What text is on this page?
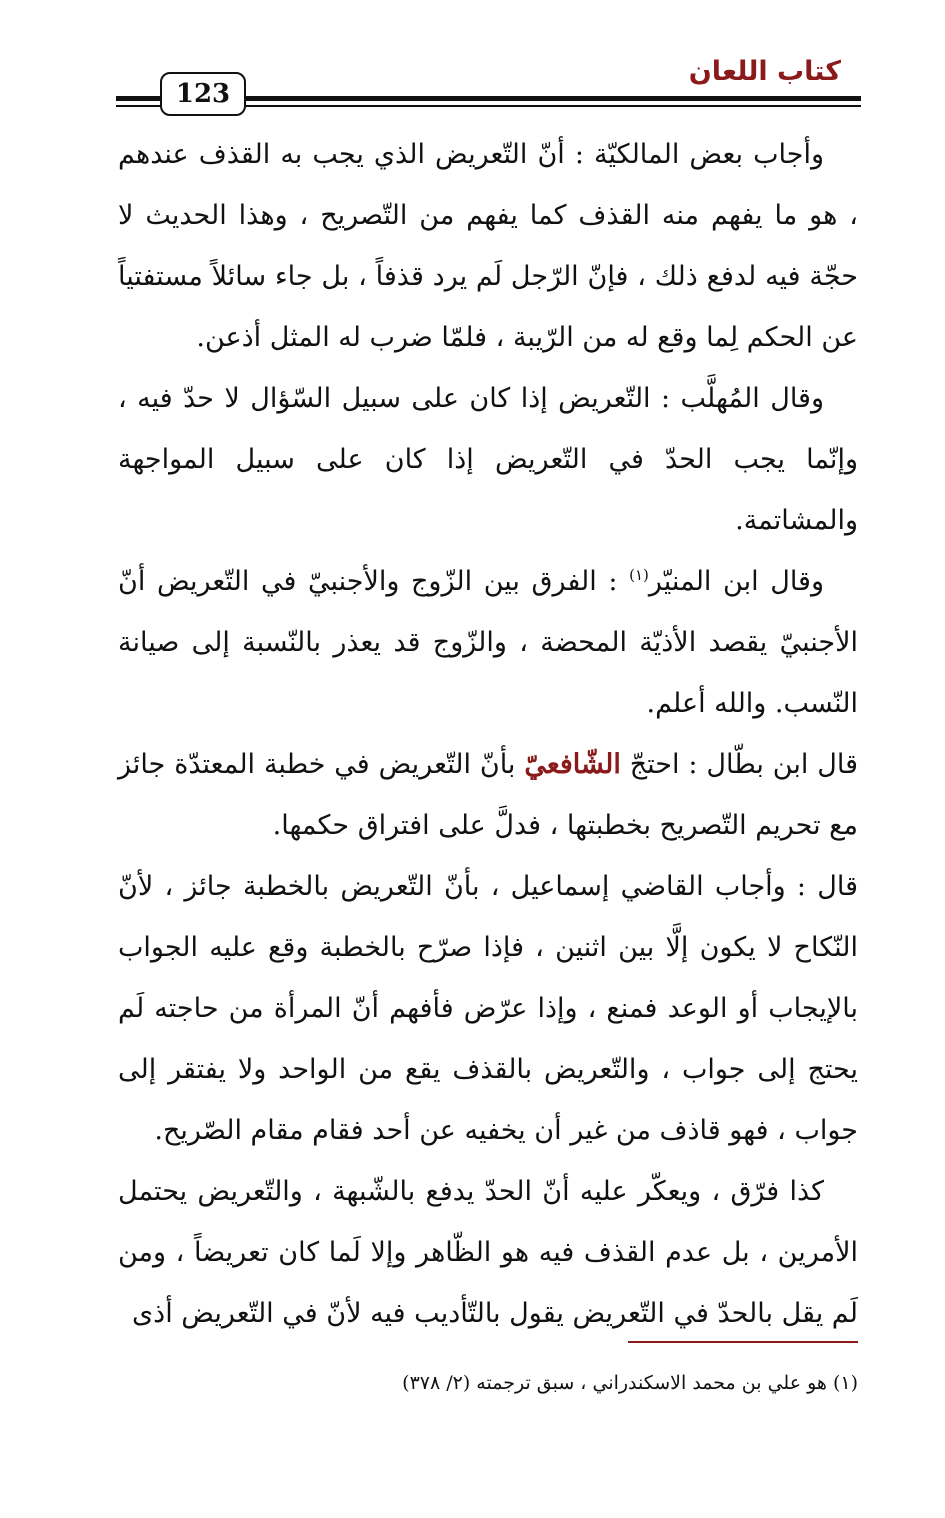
كتاب اللعان
123

وأجاب بعض المالكيّة : أنّ التّعريض الذي يجب به القذف عندهم ، هو ما يفهم منه القذف كما يفهم من التّصريح ، وهذا الحديث لا حجّة فيه لدفع ذلك ، فإنّ الرّجل لَم يرد قذفاً ، بل جاء سائلاً مستفتياً عن الحكم لِما وقع له من الرّيبة ، فلمّا ضرب له المثل أذعن.

وقال المُهلَّب : التّعريض إذا كان على سبيل السّؤال لا حدّ فيه ، وإنّما يجب الحدّ في التّعريض إذا كان على سبيل المواجهة والمشاتمة.

وقال ابن المنيّر$^{(١)}$ : الفرق بين الزّوج والأجنبيّ في التّعريض أنّ الأجنبيّ يقصد الأذيّة المحضة ، والزّوج قد يعذر بالنّسبة إلى صيانة النّسب. والله أعلم.

قال ابن بطّال : احتجّ الشّافعيّ بأنّ التّعريض في خطبة المعتدّة جائز مع تحريم التّصريح بخطبتها ، فدلَّ على افتراق حكمها.

قال : وأجاب القاضي إسماعيل ، بأنّ التّعريض بالخطبة جائز ، لأنّ النّكاح لا يكون إلَّا بين اثنين ، فإذا صرّح بالخطبة وقع عليه الجواب بالإيجاب أو الوعد فمنع ، وإذا عرّض فأفهم أنّ المرأة من حاجته لَم يحتج إلى جواب ، والتّعريض بالقذف يقع من الواحد ولا يفتقر إلى جواب ، فهو قاذف من غير أن يخفيه عن أحد فقام مقام الصّريح.

كذا فرّق ، ويعكّر عليه أنّ الحدّ يدفع بالشّبهة ، والتّعريض يحتمل الأمرين ، بل عدم القذف فيه هو الظّاهر وإلا لَما كان تعريضاً ، ومن لَم يقل بالحدّ في التّعريض يقول بالتّأديب فيه لأنّ في التّعريض أذى

(١) هو علي بن محمد الاسكندراني ، سبق ترجمته (٢/ ٣٧٨)
